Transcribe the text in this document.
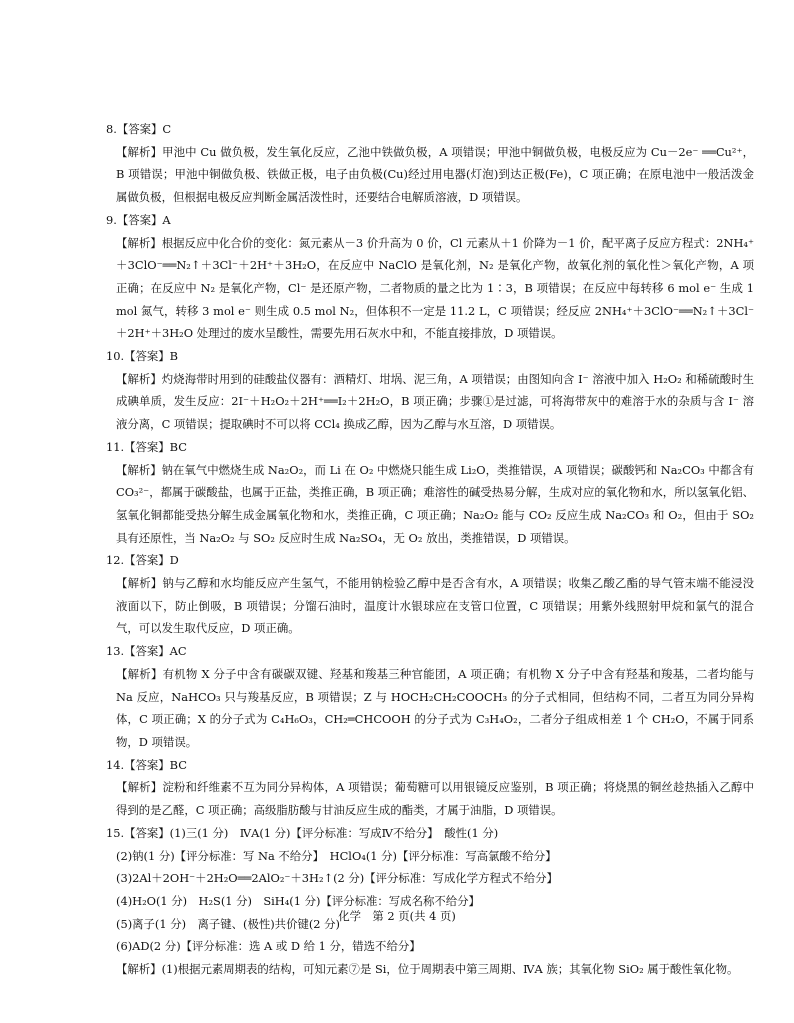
8.【答案】C
【解析】甲池中 Cu 做负极，发生氧化反应，乙池中铁做负极，A 项错误；甲池中铜做负极，电极反应为 Cu－2e⁻ ══Cu²⁺，B 项错误；甲池中铜做负极、铁做正极，电子由负极(Cu)经过用电器(灯泡)到达正极(Fe)，C 项正确；在原电池中一般活泼金属做负极，但根据电极反应判断金属活泼性时，还要结合电解质溶液，D 项错误。
9.【答案】A
【解析】根据反应中化合价的变化：氮元素从－3 价升高为 0 价，Cl 元素从＋1 价降为－1 价，配平离子反应方程式：2NH₄⁺＋3ClO⁻══N₂↑＋3Cl⁻＋2H⁺＋3H₂O，在反应中 NaClO 是氧化剂，N₂ 是氧化产物，故氧化剂的氧化性＞氧化产物，A 项正确；在反应中 N₂ 是氧化产物，Cl⁻ 是还原产物，二者物质的量之比为 1∶3，B 项错误；在反应中每转移 6 mol e⁻ 生成 1 mol 氮气，转移 3 mol e⁻ 则生成 0.5 mol N₂，但体积不一定是 11.2 L，C 项错误；经反应 2NH₄⁺＋3ClO⁻══N₂↑＋3Cl⁻＋2H⁺＋3H₂O 处理过的废水呈酸性，需要先用石灰水中和，不能直接排放，D 项错误。
10.【答案】B
【解析】灼烧海带时用到的硅酸盐仪器有：酒精灯、坩埚、泥三角，A 项错误；由图知向含 I⁻ 溶液中加入 H₂O₂ 和稀硫酸时生成碘单质，发生反应：2I⁻＋H₂O₂＋2H⁺══I₂＋2H₂O，B 项正确；步骤①是过滤，可将海带灰中的难溶于水的杂质与含 I⁻ 溶液分离，C 项错误；提取碘时不可以将 CCl₄ 换成乙醇，因为乙醇与水互溶，D 项错误。
11.【答案】BC
【解析】钠在氧气中燃烧生成 Na₂O₂，而 Li 在 O₂ 中燃烧只能生成 Li₂O，类推错误，A 项错误；碳酸钙和 Na₂CO₃ 中都含有 CO₃²⁻，都属于碳酸盐，也属于正盐，类推正确，B 项正确；难溶性的碱受热易分解，生成对应的氧化物和水，所以氢氧化铝、氢氧化铜都能受热分解生成金属氧化物和水，类推正确，C 项正确；Na₂O₂ 能与 CO₂ 反应生成 Na₂CO₃ 和 O₂，但由于 SO₂ 具有还原性，当 Na₂O₂ 与 SO₂ 反应时生成 Na₂SO₄，无 O₂ 放出，类推错误，D 项错误。
12.【答案】D
【解析】钠与乙醇和水均能反应产生氢气，不能用钠检验乙醇中是否含有水，A 项错误；收集乙酸乙酯的导气管末端不能浸没液面以下，防止倒吸，B 项错误；分馏石油时，温度计水银球应在支管口位置，C 项错误；用紫外线照射甲烷和氯气的混合气，可以发生取代反应，D 项正确。
13.【答案】AC
【解析】有机物 X 分子中含有碳碳双键、羟基和羧基三种官能团，A 项正确；有机物 X 分子中含有羟基和羧基，二者均能与 Na 反应，NaHCO₃ 只与羧基反应，B 项错误；Z 与 HOCH₂CH₂COOCH₃ 的分子式相同，但结构不同，二者互为同分异构体，C 项正确；X 的分子式为 C₄H₆O₃，CH₂═CHCOOH 的分子式为 C₃H₄O₂，二者分子组成相差 1 个 CH₂O，不属于同系物，D 项错误。
14.【答案】BC
【解析】淀粉和纤维素不互为同分异构体，A 项错误；葡萄糖可以用银镜反应鉴别，B 项正确；将烧黑的铜丝趁热插入乙醇中得到的是乙醛，C 项正确；高级脂肪酸与甘油反应生成的酯类，才属于油脂，D 项错误。
15.【答案】(1)三(1 分)　ⅣA(1 分)【评分标准：写成Ⅳ不给分】　酸性(1 分)
(2)钠(1 分)【评分标准：写 Na 不给分】　HClO₄(1 分)【评分标准：写高氯酸不给分】
(3)2Al＋2OH⁻＋2H₂O══2AlO₂⁻＋3H₂↑(2 分)【评分标准：写成化学方程式不给分】
(4)H₂O(1 分)　H₂S(1 分)　SiH₄(1 分)【评分标准：写成名称不给分】
(5)离子(1 分)　离子键、(极性)共价键(2 分)
(6)AD(2 分)【评分标准：选 A 或 D 给 1 分，错选不给分】
【解析】(1)根据元素周期表的结构，可知元素⑦是 Si，位于周期表中第三周期、ⅣA 族；其氧化物 SiO₂ 属于酸性氧化物。
化学　第 2 页(共 4 页)
